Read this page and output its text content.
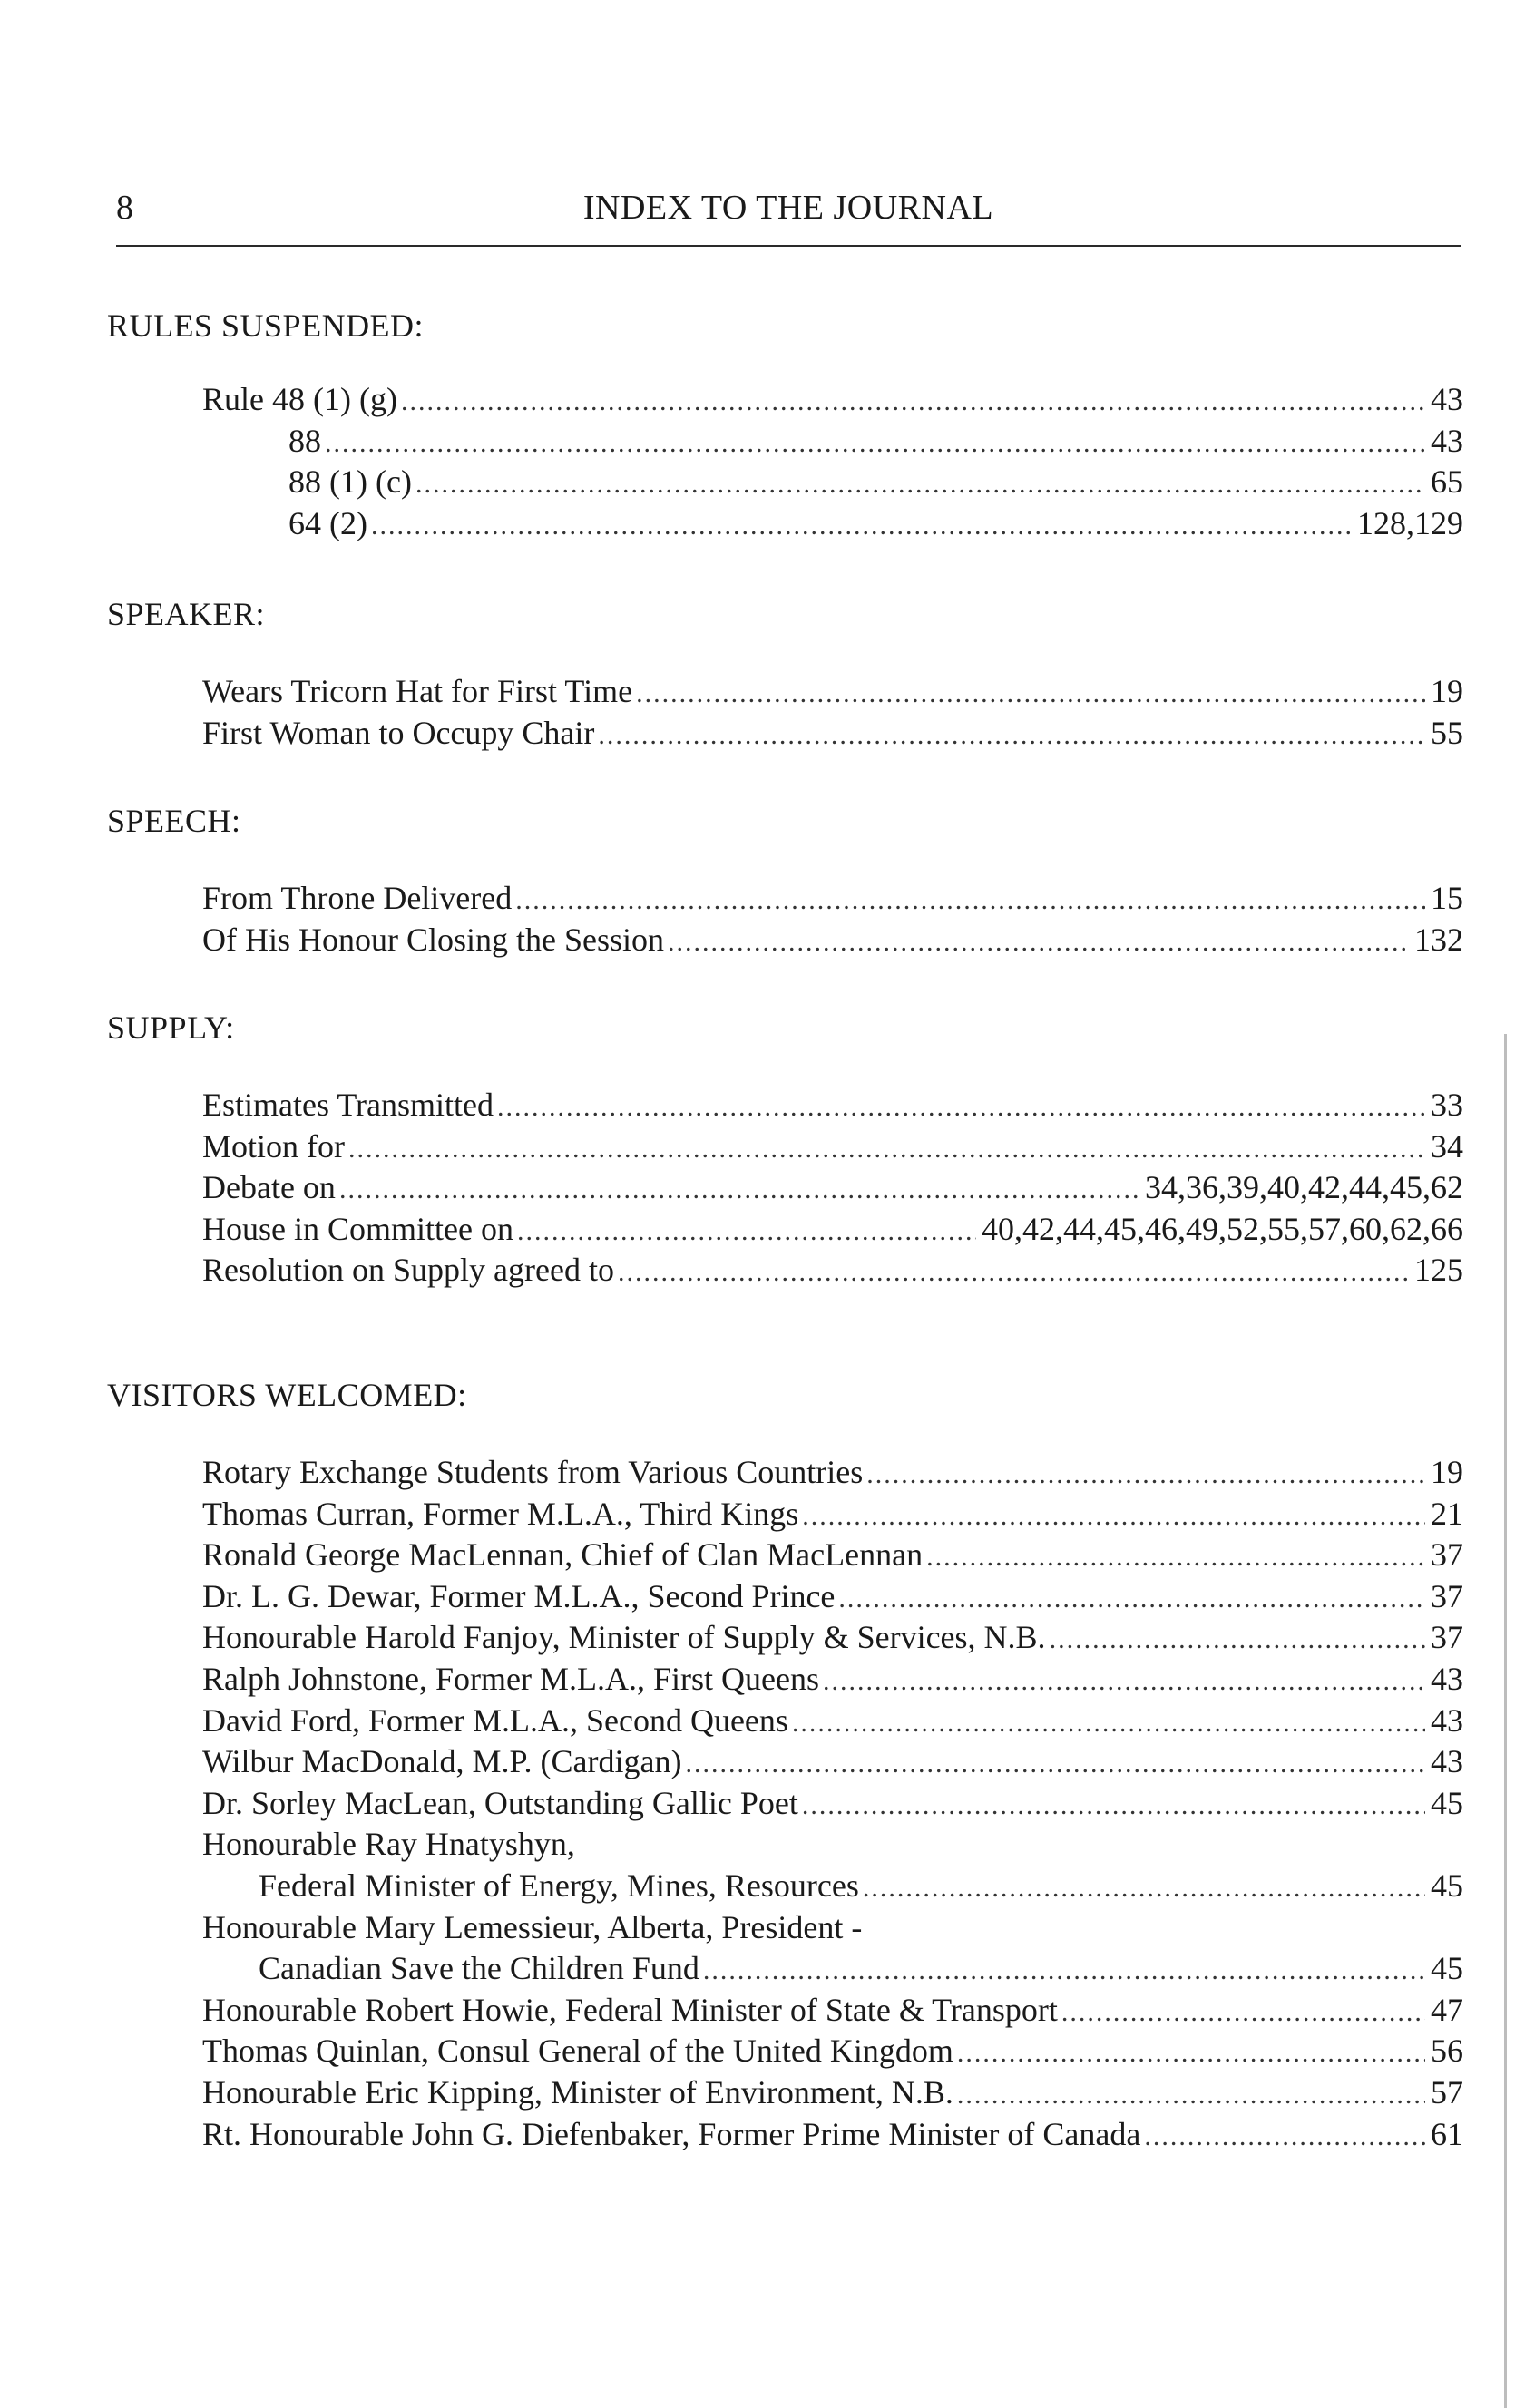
8	INDEX TO THE JOURNAL
RULES SUSPENDED:
Rule 48 (1) (g) .....	43
88 .....	43
88 (1) (c) .....	65
64 (2) .....	128,129
SPEAKER:
Wears Tricorn Hat for First Time .....	19
First Woman to Occupy Chair .....	55
SPEECH:
From Throne Delivered .....	15
Of His Honour Closing the Session .....	132
SUPPLY:
Estimates Transmitted .....	33
Motion for .....	34
Debate on .....	34,36,39,40,42,44,45,62
House in Committee on .....	40,42,44,45,46,49,52,55,57,60,62,66
Resolution on Supply agreed to .....	125
VISITORS WELCOMED:
Rotary Exchange Students from Various Countries .....	19
Thomas Curran, Former M.L.A., Third Kings .....	21
Ronald George MacLennan, Chief of Clan MacLennan .....	37
Dr. L. G. Dewar, Former M.L.A., Second Prince .....	37
Honourable Harold Fanjoy, Minister of Supply & Services, N.B. .....	37
Ralph Johnstone, Former M.L.A., First Queens .....	43
David Ford, Former M.L.A., Second Queens .....	43
Wilbur MacDonald, M.P. (Cardigan) .....	43
Dr. Sorley MacLean, Outstanding Gallic Poet .....	45
Honourable Ray Hnatyshyn,
Federal Minister of Energy, Mines, Resources .....	45
Honourable Mary Lemessieur, Alberta, President -
Canadian Save the Children Fund .....	45
Honourable Robert Howie, Federal Minister of State & Transport .....	47
Thomas Quinlan, Consul General of the United Kingdom .....	56
Honourable Eric Kipping, Minister of Environment, N.B. .....	57
Rt. Honourable John G. Diefenbaker, Former Prime Minister of Canada .....	61
